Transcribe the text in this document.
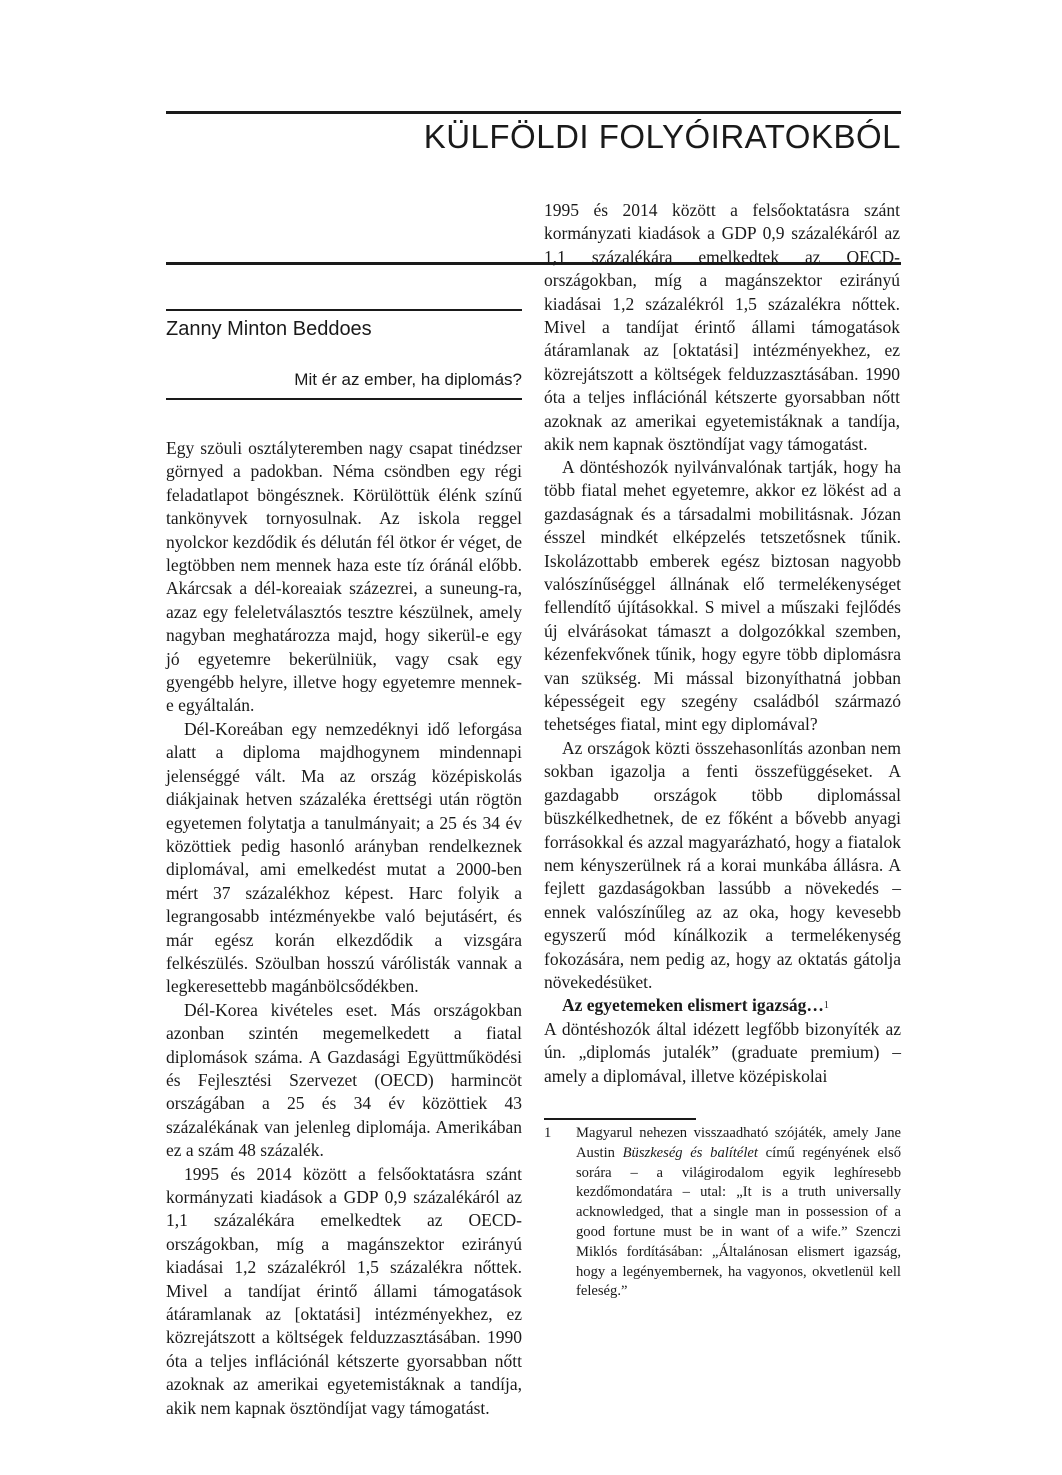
KÜLFÖLDI FOLYÓIRATOKBÓL
Zanny Minton Beddoes
Mit ér az ember, ha diplomás?

Egy szöuli osztályteremben nagy csapat tinédzser görnyed a padokban. Néma csöndben egy régi feladatlapot böngésznek. Körülöttük élénk színű tankönyvek tornyosulnak. Az iskola reggel nyolckor kezdődik és délután fél ötkor ér véget, de legtöbben nem mennek haza este tíz óránál előbb. Akárcsak a dél-koreaiak százezrei, a suneung-ra, azaz egy feleletválasztós tesztre készülnek, amely nagyban meghatározza majd, hogy sikerül-e egy jó egyetemre bekerülniük, vagy csak egy gyengébb helyre, illetve hogy egyetemre mennek-e egyáltalán.

Dél-Koreában egy nemzedéknyi idő leforgása alatt a diploma majdhogynem mindennapi jelenséggé vált. Ma az ország középiskolás diákjainak hetven százaléka érettségi után rögtön egyetemen folytatja a tanulmányait; a 25 és 34 év közöttiek pedig hasonló arányban rendelkeznek diplomával, ami emelkedést mutat a 2000-ben mért 37 százalékhoz képest. Harc folyik a legrangosabb intézményekbe való bejutásért, és már egész korán elkezdődik a vizsgára felkészülés. Szöulban hosszú várólisták vannak a legkeresettebb magánbölcsődékben.

Dél-Korea kivételes eset. Más országokban azonban szintén megemelkedett a fiatal diplomások száma. A Gazdasági Együttműködési és Fejlesztési Szervezet (OECD) harmincöt országában a 25 és 34 év közöttiek 43 százalékának van jelenleg diplomája. Amerikában ez a szám 48 százalék.

1995 és 2014 között a felsőoktatásra szánt kormányzati kiadások a GDP 0,9 százalékáról az 1,1 százalékára emelkedtek az OECD-országokban, míg a magánszektor ezirányú kiadásai 1,2 százalékról 1,5 százalékra nőttek. Mivel a tandíjat érintő állami támogatások átáramlanak az [oktatási] intézményekhez, ez közrejátszott a költségek felduzzasztásában. 1990 óta a teljes inflációnál kétszerte gyorsabban nőtt azoknak az amerikai egyetemistáknak a tandíja, akik nem kapnak ösztöndíjat vagy támogatást.

1995 és 2014 között a felsőoktatásra szánt kormányzati kiadások a GDP 0,9 százalékáról az 1,1 százalékára emelkedtek az OECD-országokban, míg a magánszektor ezirányú kiadásai 1,2 százalékról 1,5 százalékra nőttek. Mivel a tandíjat érintő állami támogatások átáramlanak az [oktatási] intézményekhez, ez közrejátszott a költségek felduzzasztásában. 1990 óta a teljes inflációnál kétszerte gyorsabban nőtt azoknak az amerikai egyetemistáknak a tandíja, akik nem kapnak ösztöndíjat vagy támogatást.

A döntéshozók nyilvánvalónak tartják, hogy ha több fiatal mehet egyetemre, akkor ez lökést ad a gazdaságnak és a társadalmi mobilitásnak. Józan ésszel mindkét elképzelés tetszetősnek tűnik. Iskolázottabb emberek egész biztosan nagyobb valószínűséggel állnának elő termelékenységet fellendítő újításokkal. S mivel a műszaki fejlődés új elvárásokat támaszt a dolgozókkal szemben, kézenfekvőnek tűnik, hogy egyre több diplomásra van szükség. Mi mással bizonyíthatná jobban képességeit egy szegény családból származó tehetséges fiatal, mint egy diplomával?

Az országok közti összehasonlítás azonban nem sokban igazolja a fenti összefüggéseket. A gazdagabb országok több diplomással büszkélkedhetnek, de ez főként a bővebb anyagi forrásokkal és azzal magyarázható, hogy a fiatalok nem kényszerülnek rá a korai munkába állásra. A fejlett gazdaságokban lassúbb a növekedés – ennek valószínűleg az az oka, hogy kevesebb egyszerű mód kínálkozik a termelékenység fokozására, nem pedig az, hogy az oktatás gátolja növekedésüket.

Az egyetemeken elismert igazság…$^1$

A döntéshozók által idézett legfőbb bizonyíték az ún. „diplomás jutalék” (graduate premium) – amely a diplomával, illetve középiskolai

1 Magyarul nehezen visszaadható szójáték, amely Jane Austin Büszkeség és balítélet című regényének első sorára – a világirodalom egyik leghíresebb kezdőmondatára – utal: „It is a truth universally acknowledged, that a single man in possession of a good fortune must be in want of a wife.” Szenczi Miklós fordításában: „Általánosan elismert igazság, hogy a legényembernek, ha vagyonos, okvetlenül kell feleség.”
